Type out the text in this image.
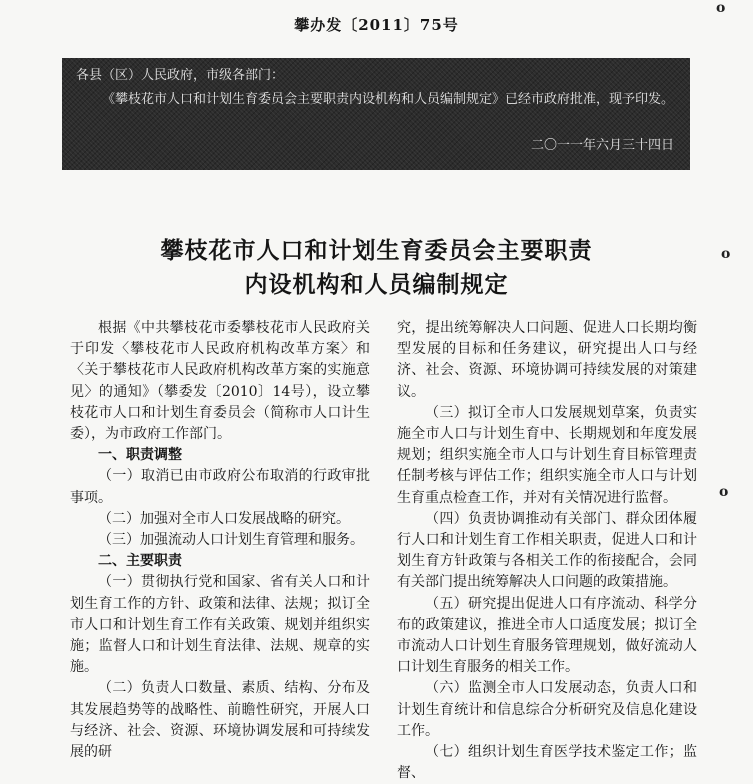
攀办发〔2011〕75号
各县（区）人民政府，市级各部门：
《攀枝花市人口和计划生育委员会主要职责内设机构和人员编制规定》已经市政府批准，现予印发。
二〇一一年六月三十四日
攀枝花市人口和计划生育委员会主要职责
内设机构和人员编制规定

根据《中共攀枝花市委攀枝花市人民政府关于印发〈攀枝花市人民政府机构改革方案〉和〈关于攀枝花市人民政府机构改革方案的实施意见〉的通知》（攀委发〔2010〕14号），设立攀枝花市人口和计划生育委员会（简称市人口计生委），为市政府工作部门。

一、职责调整

（一）取消已由市政府公布取消的行政审批事项。

（二）加强对全市人口发展战略的研究。

（三）加强流动人口计划生育管理和服务。

二、主要职责

（一）贯彻执行党和国家、省有关人口和计划生育工作的方针、政策和法律、法规；拟订全市人口和计划生育工作有关政策、规划并组织实施；监督人口和计划生育法律、法规、规章的实施。

（二）负责人口数量、素质、结构、分布及其发展趋势等的战略性、前瞻性研究，开展人口与经济、社会、资源、环境协调发展和可持续发展的研

究，提出统筹解决人口问题、促进人口长期均衡型发展的目标和任务建议，研究提出人口与经济、社会、资源、环境协调可持续发展的对策建议。

（三）拟订全市人口发展规划草案，负责实施全市人口与计划生育中、长期规划和年度发展规划；组织实施全市人口与计划生育目标管理责任制考核与评估工作；组织实施全市人口与计划生育重点检查工作，并对有关情况进行监督。

（四）负责协调推动有关部门、群众团体履行人口和计划生育工作相关职责，促进人口和计划生育方针政策与各相关工作的衔接配合，会同有关部门提出统筹解决人口问题的政策措施。

（五）研究提出促进人口有序流动、科学分布的政策建议，推进全市人口适度发展；拟订全市流动人口计划生育服务管理规划，做好流动人口计划生育服务的相关工作。

（六）监测全市人口发展动态，负责人口和计划生育统计和信息综合分析研究及信息化建设工作。

（七）组织计划生育医学技术鉴定工作；监督、

o
o
o
